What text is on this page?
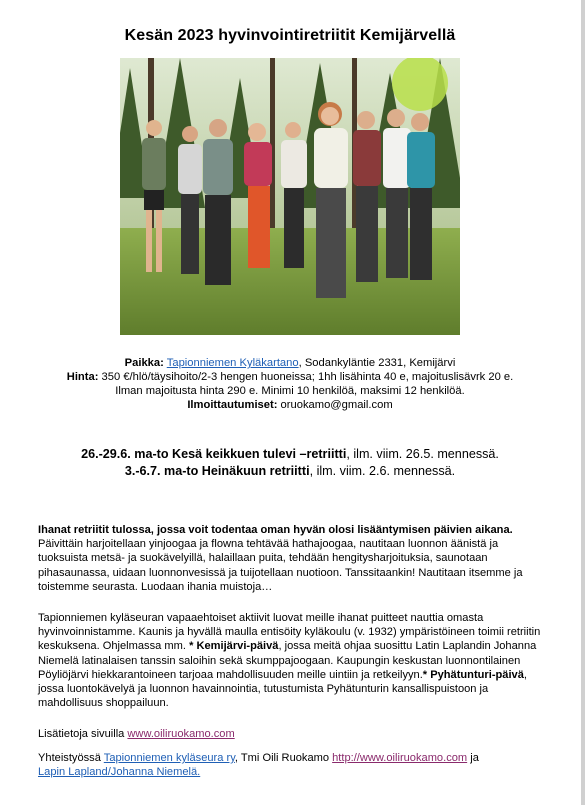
Kesän 2023 hyvinvointiretriitit Kemijärvellä
Paikka: Tapionniemen Kyläkartano, Sodankyläntie 2331, Kemijärvi
Hinta: 350 €/hlö/täysihoito/2-3 hengen huoneissa; 1hh lisähinta 40 e, majoituslisävrk 20 e.
Ilman majoitusta hinta 290 e. Minimi 10 henkilöä, maksimi 12 henkilöä.
Ilmoittautumiset: oruokamo@gmail.com
26.-29.6. ma-to Kesä keikkuen tulevi –retriitti, ilm. viim. 26.5. mennessä.
3.-6.7. ma-to Heinäkuun retriitti, ilm. viim. 2.6. mennessä.
Ihanat retriitit tulossa, jossa voit todentaa oman hyvän olosi lisääntymisen päivien aikana. Päivittäin harjoitellaan yinjoogaa ja flowna tehtävää hathajoogaa, nautitaan luonnon äänistä ja tuoksuista metsä- ja suokävelyillä, halaillaan puita, tehdään hengitysharjoituksia, saunotaan pihasaunassa, uidaan luonnonvesissä ja tuijotellaan nuotioon. Tanssitaankin! Nautitaan itsemme ja toistemme seurasta. Luodaan ihania muistoja…
Tapionniemen kyläseuran vapaaehtoiset aktiivit luovat meille ihanat puitteet nauttia omasta hyvinvoinnistamme. Kaunis ja hyvällä maulla entisöity kyläkoulu (v. 1932) ympäristöineen toimii retriitin keskuksena. Ohjelmassa mm. * Kemijärvi-päivä, jossa meitä ohjaa suosittu Latin Laplandin Johanna Niemelä latinalaisen tanssin saloihin sekä skumppajoogaan. Kaupungin keskustan luonnontilainen Pöyliöjärvi hiekkarantoineen tarjoaa mahdollisuuden meille uintiin ja retkeilyyn.* Pyhätunturi-päivä, jossa luontokävelyä ja luonnon havainnointia, tutustumista Pyhätunturin kansallispuistoon ja mahdollisuus shoppailuun.
Lisätietoja sivuilla www.oiliruokamo.com
Yhteistyössä Tapionniemen kyläseura ry, Tmi Oili Ruokamo http://www.oiliruokamo.com ja
Lapin Lapland/Johanna Niemelä.
